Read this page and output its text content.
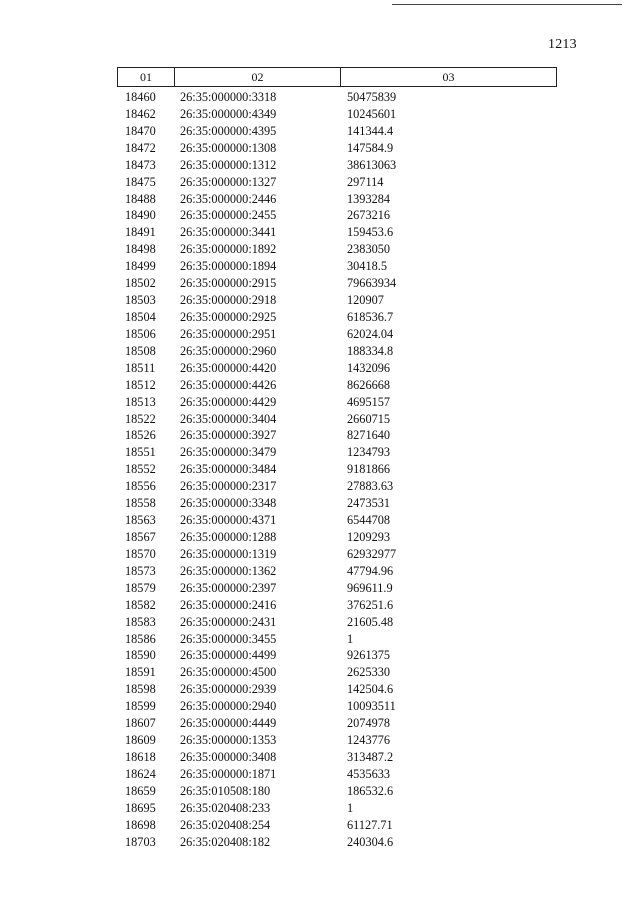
1213
01	02	03
18460 26:35:000000:3318	50475839
18462 26:35:000000:4349	10245601
18470 26:35:000000:4395	141344.4
18472 26:35:000000:1308	147584.9
18473 26:35:000000:1312	38613063
18475 26:35:000000:1327	297114
18488 26:35:000000:2446	1393284
18490 26:35:000000:2455	2673216
18491 26:35:000000:3441	159453.6
18498 26:35:000000:1892	2383050
18499 26:35:000000:1894	30418.5
18502 26:35:000000:2915	79663934
18503 26:35:000000:2918	120907
18504 26:35:000000:2925	618536.7
18506 26:35:000000:2951	62024.04
18508 26:35:000000:2960	188334.8
18511 26:35:000000:4420	1432096
18512 26:35:000000:4426	8626668
18513 26:35:000000:4429	4695157
18522 26:35:000000:3404	2660715
18526 26:35:000000:3927	8271640
18551 26:35:000000:3479	1234793
18552 26:35:000000:3484	9181866
18556 26:35:000000:2317	27883.63
18558 26:35:000000:3348	2473531
18563 26:35:000000:4371	6544708
18567 26:35:000000:1288	1209293
18570 26:35:000000:1319	62932977
18573 26:35:000000:1362	47794.96
18579 26:35:000000:2397	969611.9
18582 26:35:000000:2416	376251.6
18583 26:35:000000:2431	21605.48
18586 26:35:000000:3455	1
18590 26:35:000000:4499	9261375
18591 26:35:000000:4500	2625330
18598 26:35:000000:2939	142504.6
18599 26:35:000000:2940	10093511
18607 26:35:000000:4449	2074978
18609 26:35:000000:1353	1243776
18618 26:35:000000:3408	313487.2
18624 26:35:000000:1871	4535633
18659 26:35:010508:180	186532.6
18695 26:35:020408:233	1
18698 26:35:020408:254	61127.71
18703 26:35:020408:182	240304.6
